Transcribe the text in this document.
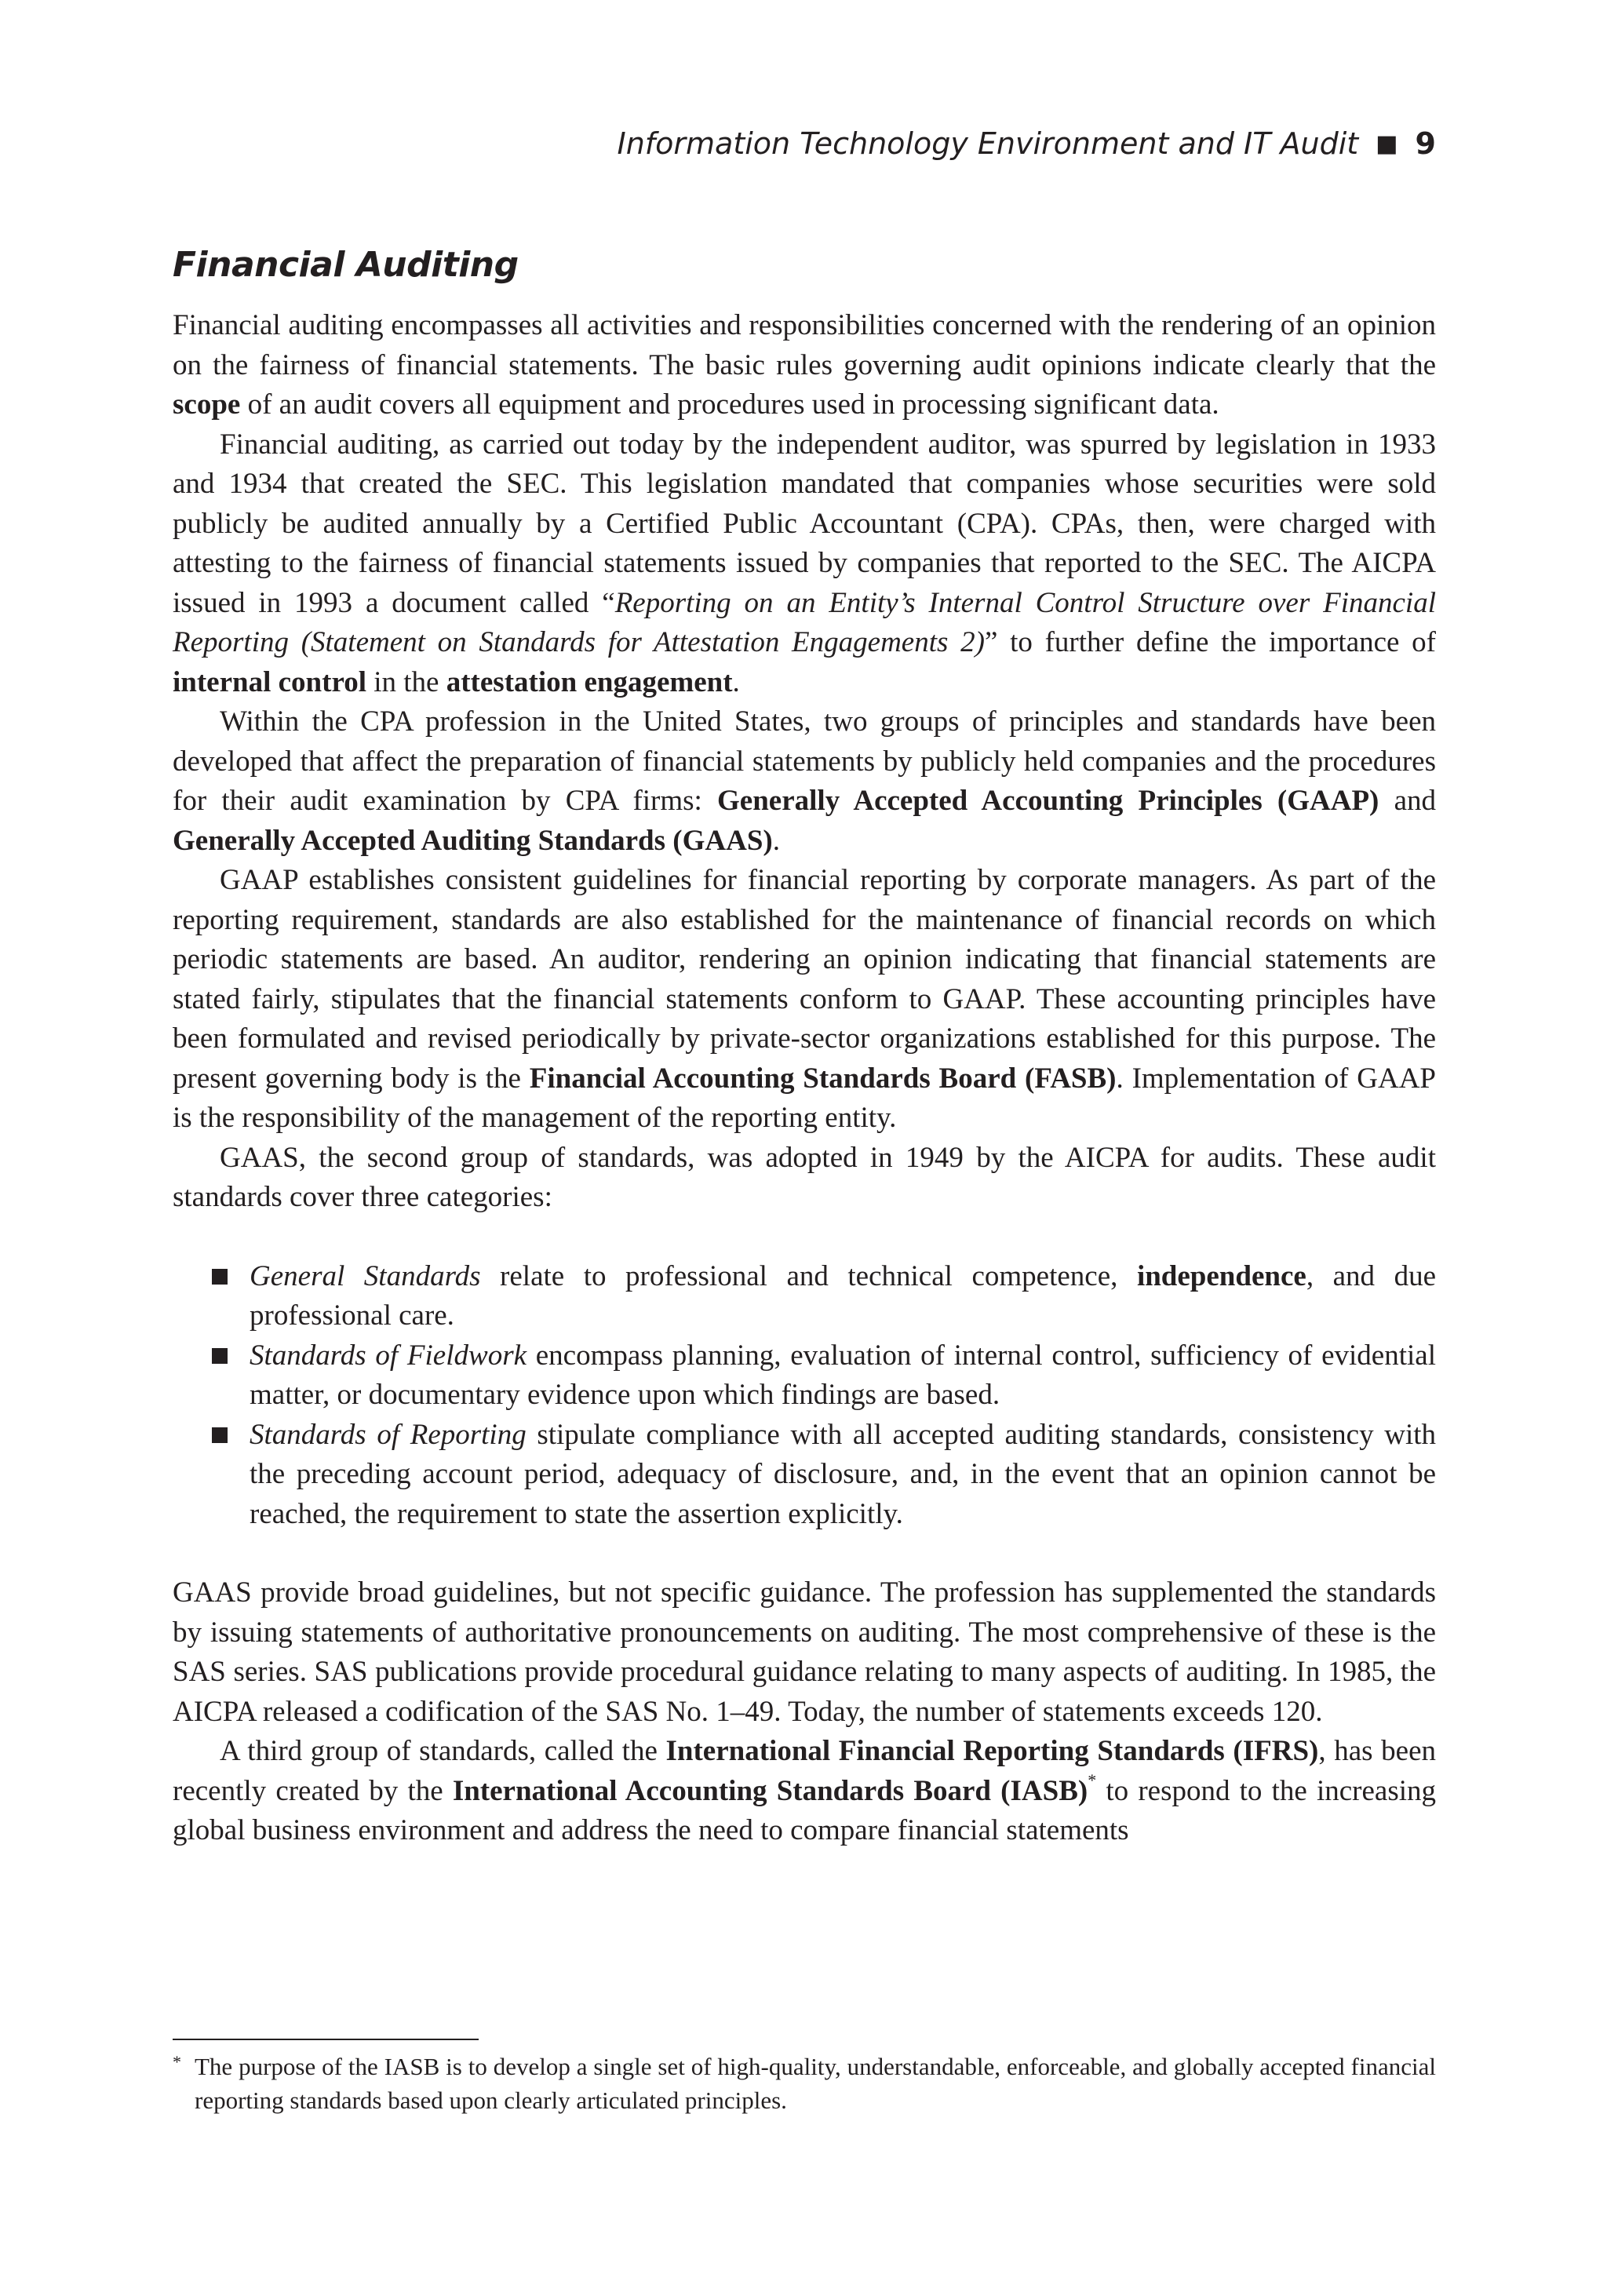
Information Technology Environment and IT Audit ■ 9
Financial Auditing

Financial auditing encompasses all activities and responsibilities concerned with the rendering of an opinion on the fairness of financial statements. The basic rules governing audit opinions indicate clearly that the scope of an audit covers all equipment and procedures used in processing significant data.

Financial auditing, as carried out today by the independent auditor, was spurred by legislation in 1933 and 1934 that created the SEC. This legislation mandated that companies whose securities were sold publicly be audited annually by a Certified Public Accountant (CPA). CPAs, then, were charged with attesting to the fairness of financial statements issued by companies that reported to the SEC. The AICPA issued in 1993 a document called “Reporting on an Entity’s Internal Control Structure over Financial Reporting (Statement on Standards for Attestation Engagements 2)” to further define the importance of internal control in the attestation engagement.

Within the CPA profession in the United States, two groups of principles and standards have been developed that affect the preparation of financial statements by publicly held companies and the procedures for their audit examination by CPA firms: Generally Accepted Accounting Principles (GAAP) and Generally Accepted Auditing Standards (GAAS).

GAAP establishes consistent guidelines for financial reporting by corporate managers. As part of the reporting requirement, standards are also established for the maintenance of financial records on which periodic statements are based. An auditor, rendering an opinion indicating that financial statements are stated fairly, stipulates that the financial statements conform to GAAP. These accounting principles have been formulated and revised periodically by private-sector organizations established for this purpose. The present governing body is the Financial Accounting Standards Board (FASB). Implementation of GAAP is the responsibility of the management of the reporting entity.

GAAS, the second group of standards, was adopted in 1949 by the AICPA for audits. These audit standards cover three categories:

General Standards relate to professional and technical competence, independence, and due professional care.
Standards of Fieldwork encompass planning, evaluation of internal control, sufficiency of evidential matter, or documentary evidence upon which findings are based.
Standards of Reporting stipulate compliance with all accepted auditing standards, consistency with the preceding account period, adequacy of disclosure, and, in the event that an opinion cannot be reached, the requirement to state the assertion explicitly.

GAAS provide broad guidelines, but not specific guidance. The profession has supplemented the standards by issuing statements of authoritative pronouncements on auditing. The most comprehensive of these is the SAS series. SAS publications provide procedural guidance relating to many aspects of auditing. In 1985, the AICPA released a codification of the SAS No. 1–49. Today, the number of statements exceeds 120.

A third group of standards, called the International Financial Reporting Standards (IFRS), has been recently created by the International Accounting Standards Board (IASB)* to respond to the increasing global business environment and address the need to compare financial statements

* The purpose of the IASB is to develop a single set of high-quality, understandable, enforceable, and globally accepted financial reporting standards based upon clearly articulated principles.
